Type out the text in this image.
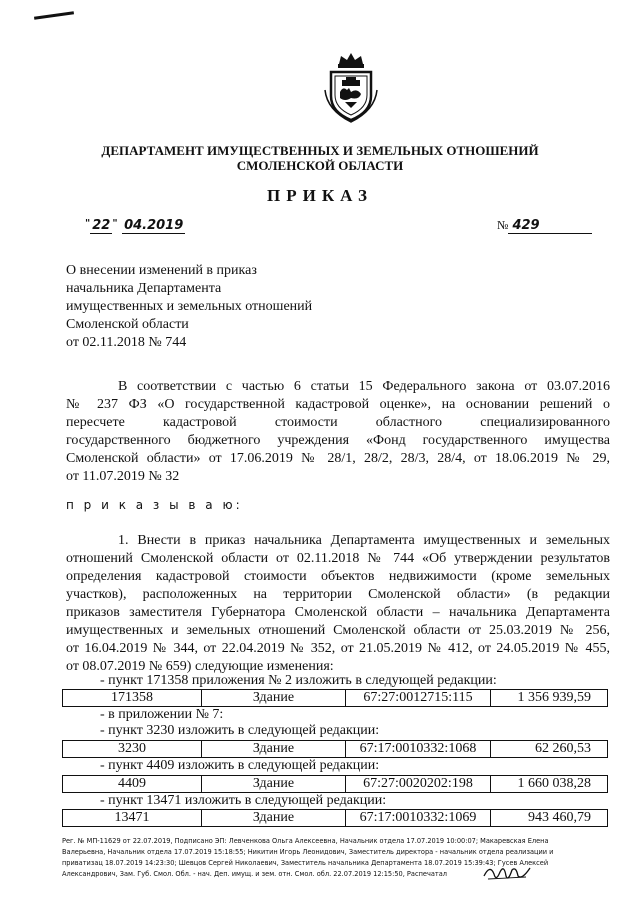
ДЕПАРТАМЕНТ ИМУЩЕСТВЕННЫХ И ЗЕМЕЛЬНЫХ ОТНОШЕНИЙ
СМОЛЕНСКОЙ ОБЛАСТИ
ПРИКАЗ
" 22 " 04.2019	№ 429
О внесении изменений в приказ
начальника Департамента
имущественных и земельных отношений
Смоленской области
от 02.11.2018 № 744
В соответствии с частью 6 статьи 15 Федерального закона от 03.07.2016
№ 237 ФЗ «О государственной кадастровой оценке», на основании решений о
пересчете кадастровой стоимости областного специализированного
государственного бюджетного учреждения «Фонд государственного имущества
Смоленской области» от 17.06.2019 № 28/1, 28/2, 28/3, 28/4, от 18.06.2019 № 29,
от 11.07.2019 № 32
п р и к а з ы в а ю:
1. Внести в приказ начальника Департамента имущественных и земельных
отношений Смоленской области от 02.11.2018 № 744 «Об утверждении результатов
определения кадастровой стоимости объектов недвижимости (кроме земельных
участков), расположенных на территории Смоленской области» (в редакции
приказов заместителя Губернатора Смоленской области – начальника Департамента
имущественных и земельных отношений Смоленской области от 25.03.2019 № 256,
от 16.04.2019 № 344, от 22.04.2019 № 352, от 21.05.2019 № 412, от 24.05.2019 № 455,
от 08.07.2019 № 659) следующие изменения:
- пункт 171358 приложения № 2 изложить в следующей редакции:
171358	Здание	67:27:0012715:115	1 356 939,59
- в приложении № 7:
- пункт 3230 изложить в следующей редакции:
3230	Здание	67:17:0010332:1068	62 260,53
- пункт 4409 изложить в следующей редакции:
4409	Здание	67:27:0020202:198	1 660 038,28
- пункт 13471 изложить в следующей редакции:
13471	Здание	67:17:0010332:1069	943 460,79
Рег. № МП-11629 от 22.07.2019, Подписано ЭП: Левченкова Ольга Алексеевна, Начальник отдела 17.07.2019 10:00:07; Макаревская Елена
Валерьевна, Начальник отдела 17.07.2019 15:18:55; Никитин Игорь Леонидович, Заместитель директора - начальник отдела реализации и
приватизац 18.07.2019 14:23:30; Шевцов Сергей Николаевич, Заместитель начальника Департамента 18.07.2019 15:39:43; Гусев Алексей
Александрович, Зам. Губ. Смол. Обл. - нач. Деп. имущ. и зем. отн. Смол. обл. 22.07.2019 12:15:50, Распечатал
